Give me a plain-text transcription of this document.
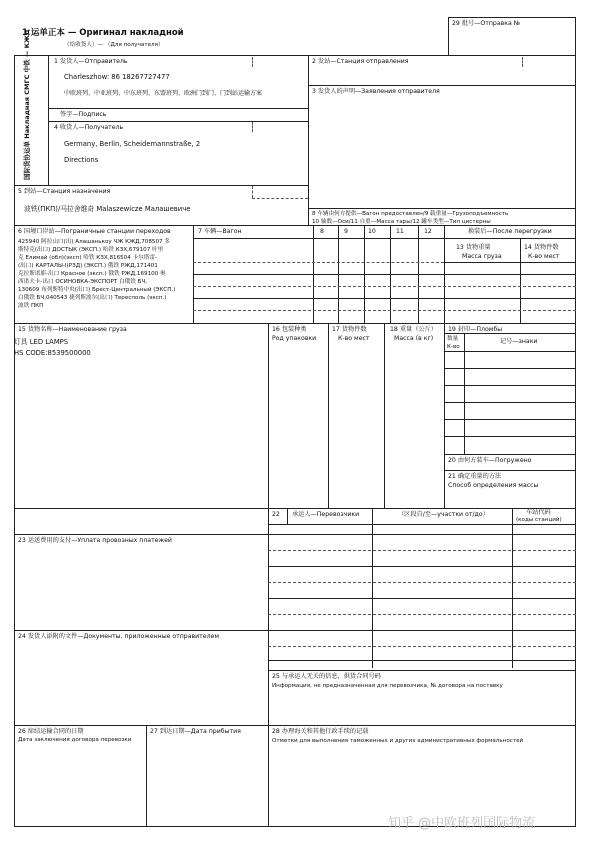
1 运单正本 — Оригинал накладной
（给收货人）— （Для получателя）
29 批号—Отправка №
国际货协运单 Накладная СМГС 中铁 — КЖД	1 发货人—Отправитель
Charleszhow: 86 18267727477
中欧班列、中亚班列、中东班列、东盟班列、欧洲门到门、门到站运输方案
签字—Подпись
2 发站—Станция отправления
3 发货人的声明—Заявления отправителя
4 收货人—Получатель
Germany, Berlin, Scheidemannstraße, 2
Directions
5 到站—Станция назначения
波铁(ПКП)/马拉舍维奇 Malaszewicze Малашевиче
8 车辆由何方提供—Вагон предоставлен/9 载重量—Грузоподъемность
10 轴数—Оси/11 自重—Масса тары/12 罐车类型—Тип цистерны
6 国境口岸站—Пограничные станции переходов	7 车辆—Вагон	换装后—После перегрузки
425940 阿拉山口(出) Алашанькоу ЧЖ КЖД,708507 多
斯特克(出口) ДОСТЫК (ЭКСП.) 哈铁 КЗХ,679107 叶里
克 Елимай (обл)(эксп) 哈铁 КЗХ,816504 卡尔塔雷-
(出口) КАРТАЛЫ-I(РЗД) (ЭКСП.) 俄铁 РЖД,171401
克拉斯诺耶-出口 Красное (эксп.) 俄铁 РЖД,169100 奥
西诺夫卡-出口 ОСИНОВКА-ЭКСПОРТ 白俄铁 БЧ,
130609 布列斯特中央(出口) Брест-Центральный (ЭКСП.)
白俄铁 БЧ,040543 捷列斯波尔(出口) Тересполь (эксп.)
波铁 ПКП
8	9	10	11	12
13 货物重量
Масса груза
14 货物件数
К-во мест
15 货物名称—Наименование груза
灯具 LED LAMPS
HS CODE:8539500000
16 包装种类
Род упаковки
17 货物件数
К-во мест
18 重量（公斤）
Масса (в кг)
19 封印—Пломбы
数量
К-во
记号—знаки
20 由何方装车—Погружено
21 确定重量的方法
Способ определения массы
22 承运人—Перевозчики	（区段自/至—участки от/до）	车站代码
(коды станций)
23 运送费用的支付—Уплата провозных платежей
24 发货人添附的文件—Документы, приложенные отправителем
25 与承运人无关的信息，供货合同号码
Информация, не предназначенная для перевозчика, № договора на поставку
26 缔结运输合同的日期
Дата заключения договора перевозки
27 到达日期—Дата прибытия	28 办理海关和其他行政手续的记载
Отметки для выполнения таможенных и других административных формальностей
知乎 @中欧班列国际物流
